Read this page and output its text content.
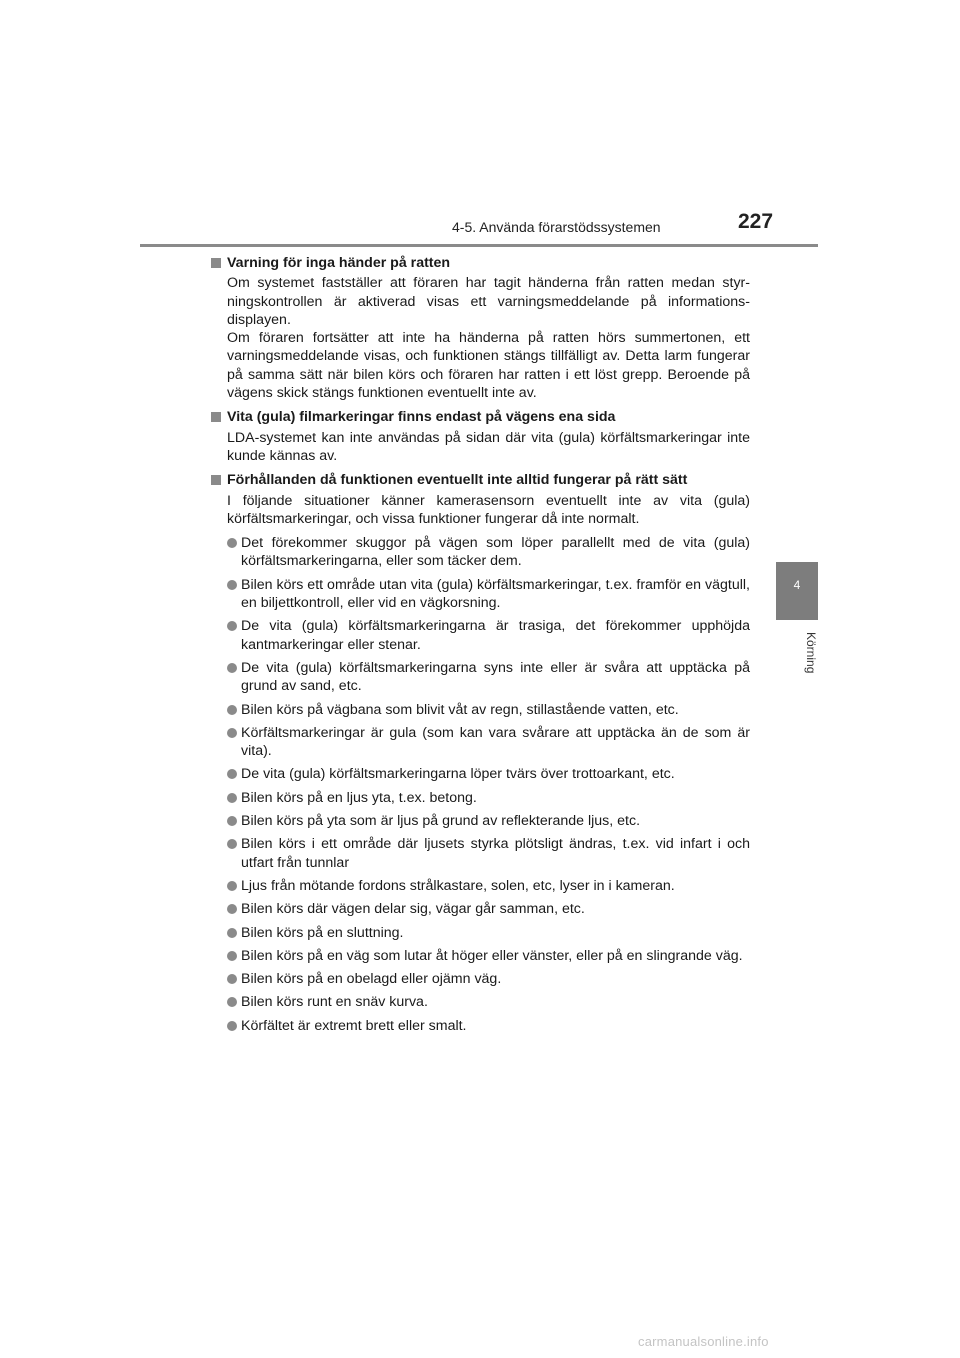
4-5. Använda förarstödssystemen	227
4
Körning
Varning för inga händer på ratten
Om systemet fastställer att föraren har tagit händerna från ratten medan styrningskontrollen är aktiverad visas ett varningsmeddelande på informationsdisplayen.
Om föraren fortsätter att inte ha händerna på ratten hörs summertonen, ett varningsmeddelande visas, och funktionen stängs tillfälligt av. Detta larm fungerar på samma sätt när bilen körs och föraren har ratten i ett löst grepp. Beroende på vägens skick stängs funktionen eventuellt inte av.
Vita (gula) filmarkeringar finns endast på vägens ena sida
LDA-systemet kan inte användas på sidan där vita (gula) körfältsmarkeringar inte kunde kännas av.
Förhållanden då funktionen eventuellt inte alltid fungerar på rätt sätt
I följande situationer känner kamerasensorn eventuellt inte av vita (gula) körfältsmarkeringar, och vissa funktioner fungerar då inte normalt.
Det förekommer skuggor på vägen som löper parallellt med de vita (gula) körfältsmarkeringarna, eller som täcker dem.
Bilen körs ett område utan vita (gula) körfältsmarkeringar, t.ex. framför en vägtull, en biljettkontroll, eller vid en vägkorsning.
De vita (gula) körfältsmarkeringarna är trasiga, det förekommer upphöjda kantmarkeringar eller stenar.
De vita (gula) körfältsmarkeringarna syns inte eller är svåra att upptäcka på grund av sand, etc.
Bilen körs på vägbana som blivit våt av regn, stillastående vatten, etc.
Körfältsmarkeringar är gula (som kan vara svårare att upptäcka än de som är vita).
De vita (gula) körfältsmarkeringarna löper tvärs över trottoarkant, etc.
Bilen körs på en ljus yta, t.ex. betong.
Bilen körs på yta som är ljus på grund av reflekterande ljus, etc.
Bilen körs i ett område där ljusets styrka plötsligt ändras, t.ex. vid infart i och utfart från tunnlar
Ljus från mötande fordons strålkastare, solen, etc, lyser in i kameran.
Bilen körs där vägen delar sig, vägar går samman, etc.
Bilen körs på en sluttning.
Bilen körs på en väg som lutar åt höger eller vänster, eller på en slingrande väg.
Bilen körs på en obelagd eller ojämn väg.
Bilen körs runt en snäv kurva.
Körfältet är extremt brett eller smalt.
carmanualsonline.info
